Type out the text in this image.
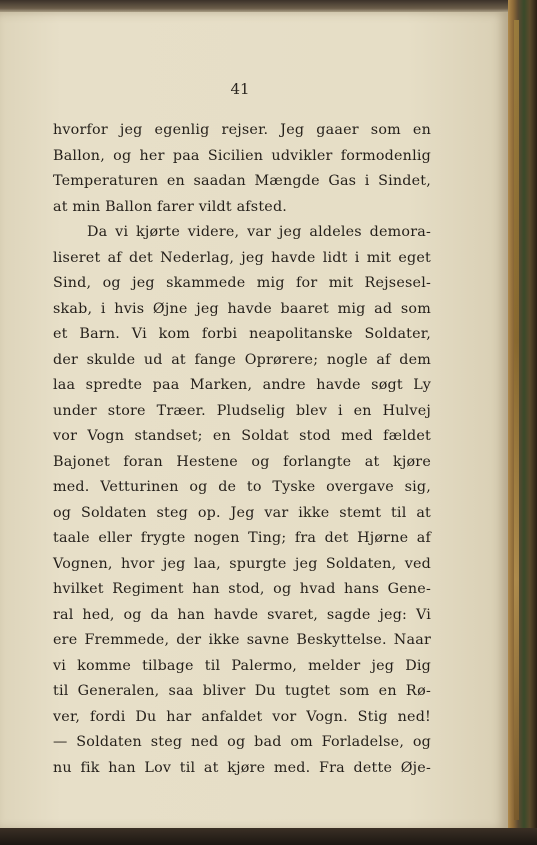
41
hvorfor jeg egenlig rejser. Jeg gaaer som en
Ballon, og her paa Sicilien udvikler formodenlig
Temperaturen en saadan Mængde Gas i Sindet,
at min Ballon farer vildt afsted.
Da vi kjørte videre, var jeg aldeles demora-
liseret af det Nederlag, jeg havde lidt i mit eget
Sind, og jeg skammede mig for mit Rejsesel-
skab, i hvis Øjne jeg havde baaret mig ad som
et Barn. Vi kom forbi neapolitanske Soldater,
der skulde ud at fange Oprørere; nogle af dem
laa spredte paa Marken, andre havde søgt Ly
under store Træer. Pludselig blev i en Hulvej
vor Vogn standset; en Soldat stod med fældet
Bajonet foran Hestene og forlangte at kjøre
med. Vetturinen og de to Tyske overgave sig,
og Soldaten steg op. Jeg var ikke stemt til at
taale eller frygte nogen Ting; fra det Hjørne af
Vognen, hvor jeg laa, spurgte jeg Soldaten, ved
hvilket Regiment han stod, og hvad hans Gene-
ral hed, og da han havde svaret, sagde jeg: Vi
ere Fremmede, der ikke savne Beskyttelse. Naar
vi komme tilbage til Palermo, melder jeg Dig
til Generalen, saa bliver Du tugtet som en Rø-
ver, fordi Du har anfaldet vor Vogn. Stig ned!
— Soldaten steg ned og bad om Forladelse, og
nu fik han Lov til at kjøre med. Fra dette Øje-
